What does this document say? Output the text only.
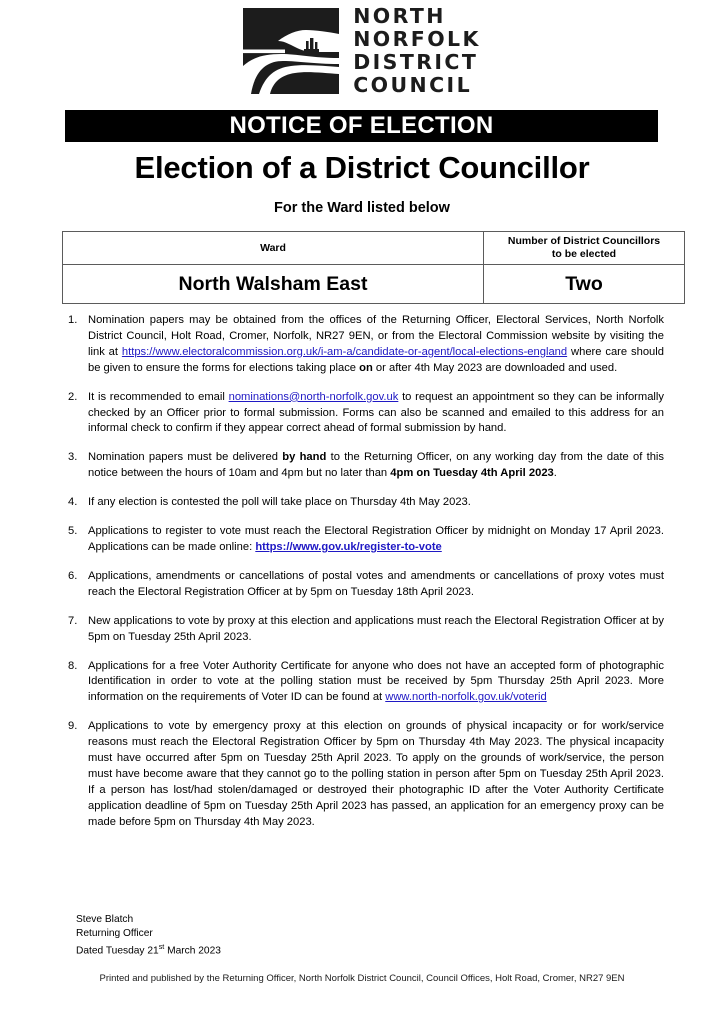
NORTH
NORFOLK
DISTRICT
COUNCIL
NOTICE OF ELECTION
Election of a District Councillor
For the Ward listed below
Ward	Number of District Councillors
to be elected

North Walsham East	Two
1. Nomination papers may be obtained from the offices of the Returning Officer, Electoral Services, North Norfolk District Council, Holt Road, Cromer, Norfolk, NR27 9EN, or from the Electoral Commission website by visiting the link at https://www.electoralcommission.org.uk/i-am-a/candidate-or-agent/local-elections-england where care should be given to ensure the forms for elections taking place on or after 4th May 2023 are downloaded and used.
2. It is recommended to email nominations@north-norfolk.gov.uk to request an appointment so they can be informally checked by an Officer prior to formal submission. Forms can also be scanned and emailed to this address for an informal check to confirm if they appear correct ahead of formal submission by hand.
3. Nomination papers must be delivered by hand to the Returning Officer, on any working day from the date of this notice between the hours of 10am and 4pm but no later than 4pm on Tuesday 4th April 2023.
4. If any election is contested the poll will take place on Thursday 4th May 2023.
5. Applications to register to vote must reach the Electoral Registration Officer by midnight on Monday 17 April 2023. Applications can be made online: https://www.gov.uk/register-to-vote
6. Applications, amendments or cancellations of postal votes and amendments or cancellations of proxy votes must reach the Electoral Registration Officer at by 5pm on Tuesday 18th April 2023.
7. New applications to vote by proxy at this election and applications must reach the Electoral Registration Officer at by 5pm on Tuesday 25th April 2023.
8. Applications for a free Voter Authority Certificate for anyone who does not have an accepted form of photographic Identification in order to vote at the polling station must be received by 5pm Thursday 25th April 2023. More information on the requirements of Voter ID can be found at www.north-norfolk.gov.uk/voterid
9. Applications to vote by emergency proxy at this election on grounds of physical incapacity or for work/service reasons must reach the Electoral Registration Officer by 5pm on Thursday 4th May 2023. The physical incapacity must have occurred after 5pm on Tuesday 25th April 2023. To apply on the grounds of work/service, the person must have become aware that they cannot go to the polling station in person after 5pm on Tuesday 25th April 2023. If a person has lost/had stolen/damaged or destroyed their photographic ID after the Voter Authority Certificate application deadline of 5pm on Tuesday 25th April 2023 has passed, an application for an emergency proxy can be made before 5pm on Thursday 4th May 2023.
Steve Blatch
Returning Officer
Dated Tuesday 21st March 2023
Printed and published by the Returning Officer, North Norfolk District Council, Council Offices, Holt Road, Cromer, NR27 9EN
